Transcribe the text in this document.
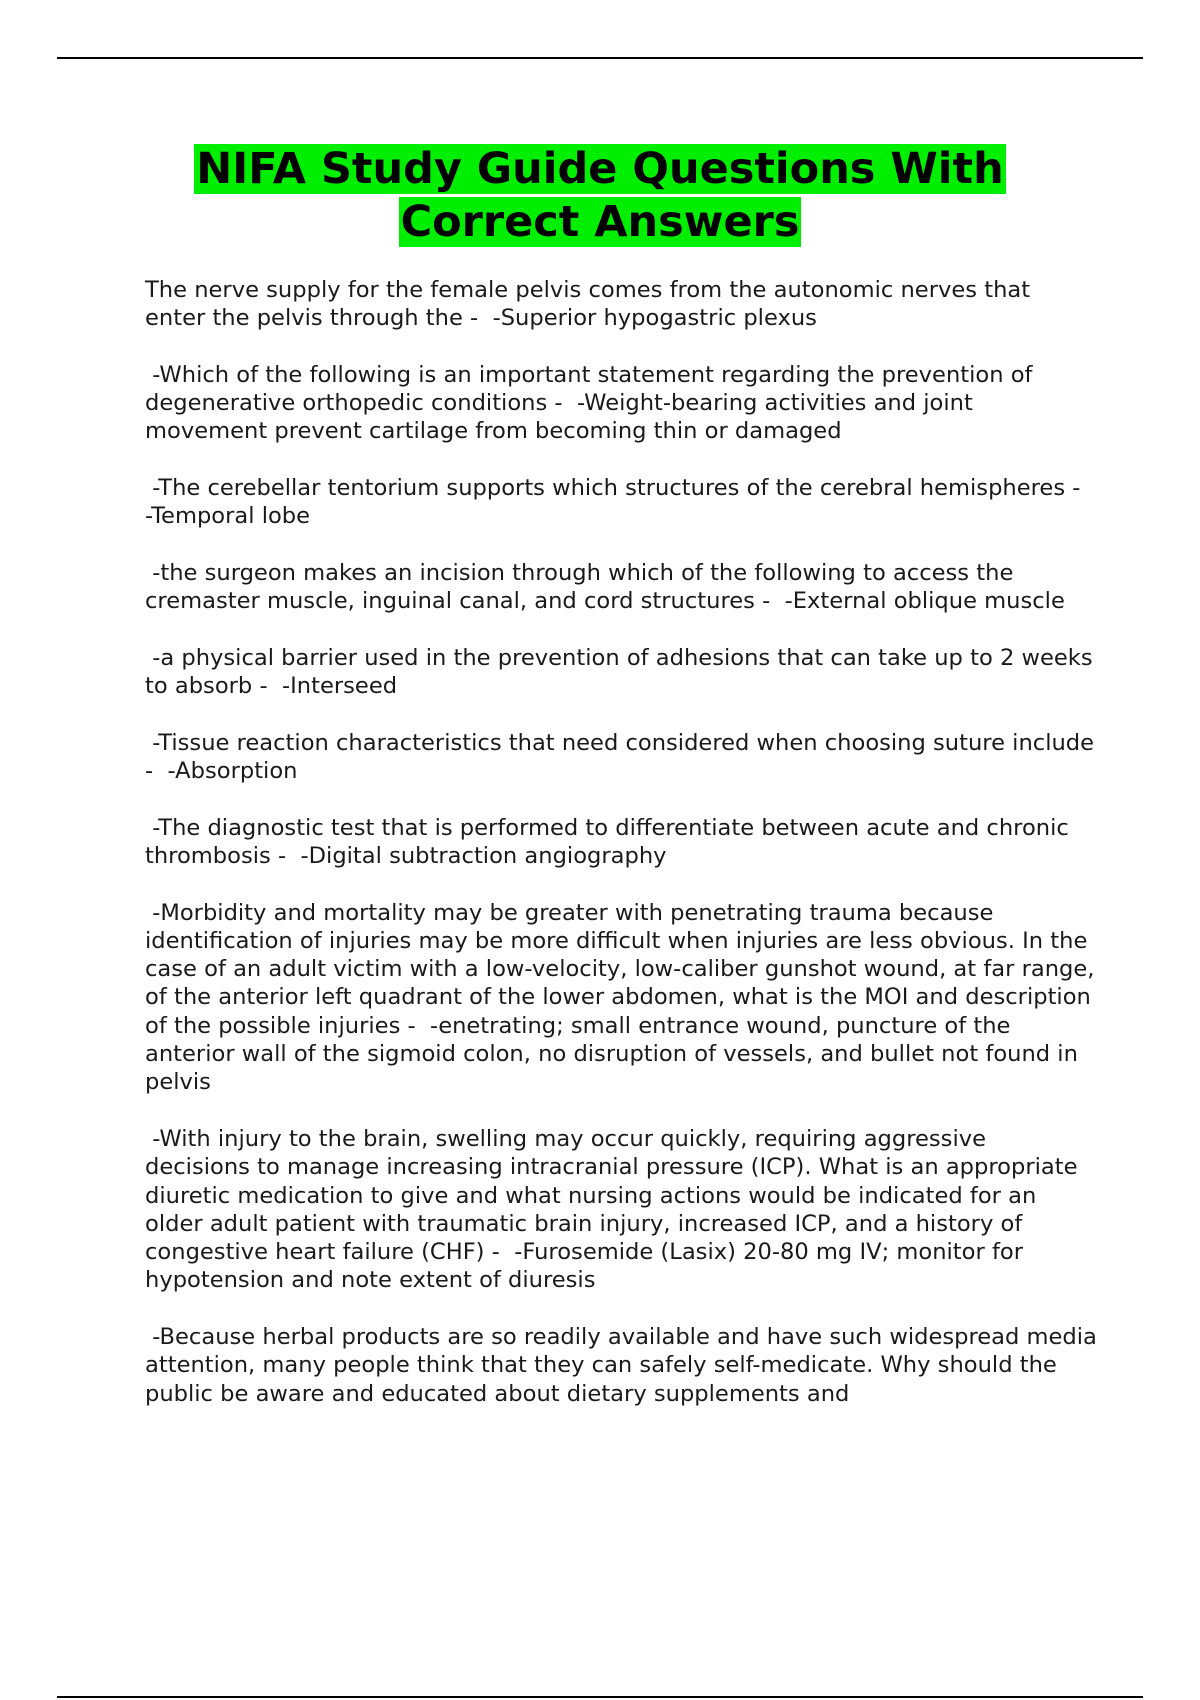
NIFA Study Guide Questions With
Correct Answers

The nerve supply for the female pelvis comes from the autonomic nerves that enter the pelvis through the -  -Superior hypogastric plexus

-Which of the following is an important statement regarding the prevention of degenerative orthopedic conditions -  -Weight-bearing activities and joint movement prevent cartilage from becoming thin or damaged

-The cerebellar tentorium supports which structures of the cerebral hemispheres -  -Temporal lobe

-the surgeon makes an incision through which of the following to access the cremaster muscle, inguinal canal, and cord structures -  -External oblique muscle

-a physical barrier used in the prevention of adhesions that can take up to 2 weeks to absorb -  -Interseed

-Tissue reaction characteristics that need considered when choosing suture include -  -Absorption

-The diagnostic test that is performed to differentiate between acute and chronic thrombosis -  -Digital subtraction angiography

-Morbidity and mortality may be greater with penetrating trauma because identification of injuries may be more difficult when injuries are less obvious. In the case of an adult victim with a low-velocity, low-caliber gunshot wound, at far range, of the anterior left quadrant of the lower abdomen, what is the MOI and description of the possible injuries -  -enetrating; small entrance wound, puncture of the anterior wall of the sigmoid colon, no disruption of vessels, and bullet not found in pelvis

-With injury to the brain, swelling may occur quickly, requiring aggressive decisions to manage increasing intracranial pressure (ICP). What is an appropriate diuretic medication to give and what nursing actions would be indicated for an older adult patient with traumatic brain injury, increased ICP, and a history of congestive heart failure (CHF) -  -Furosemide (Lasix) 20-80 mg IV; monitor for hypotension and note extent of diuresis

-Because herbal products are so readily available and have such widespread media attention, many people think that they can safely self-medicate. Why should the public be aware and educated about dietary supplements and
